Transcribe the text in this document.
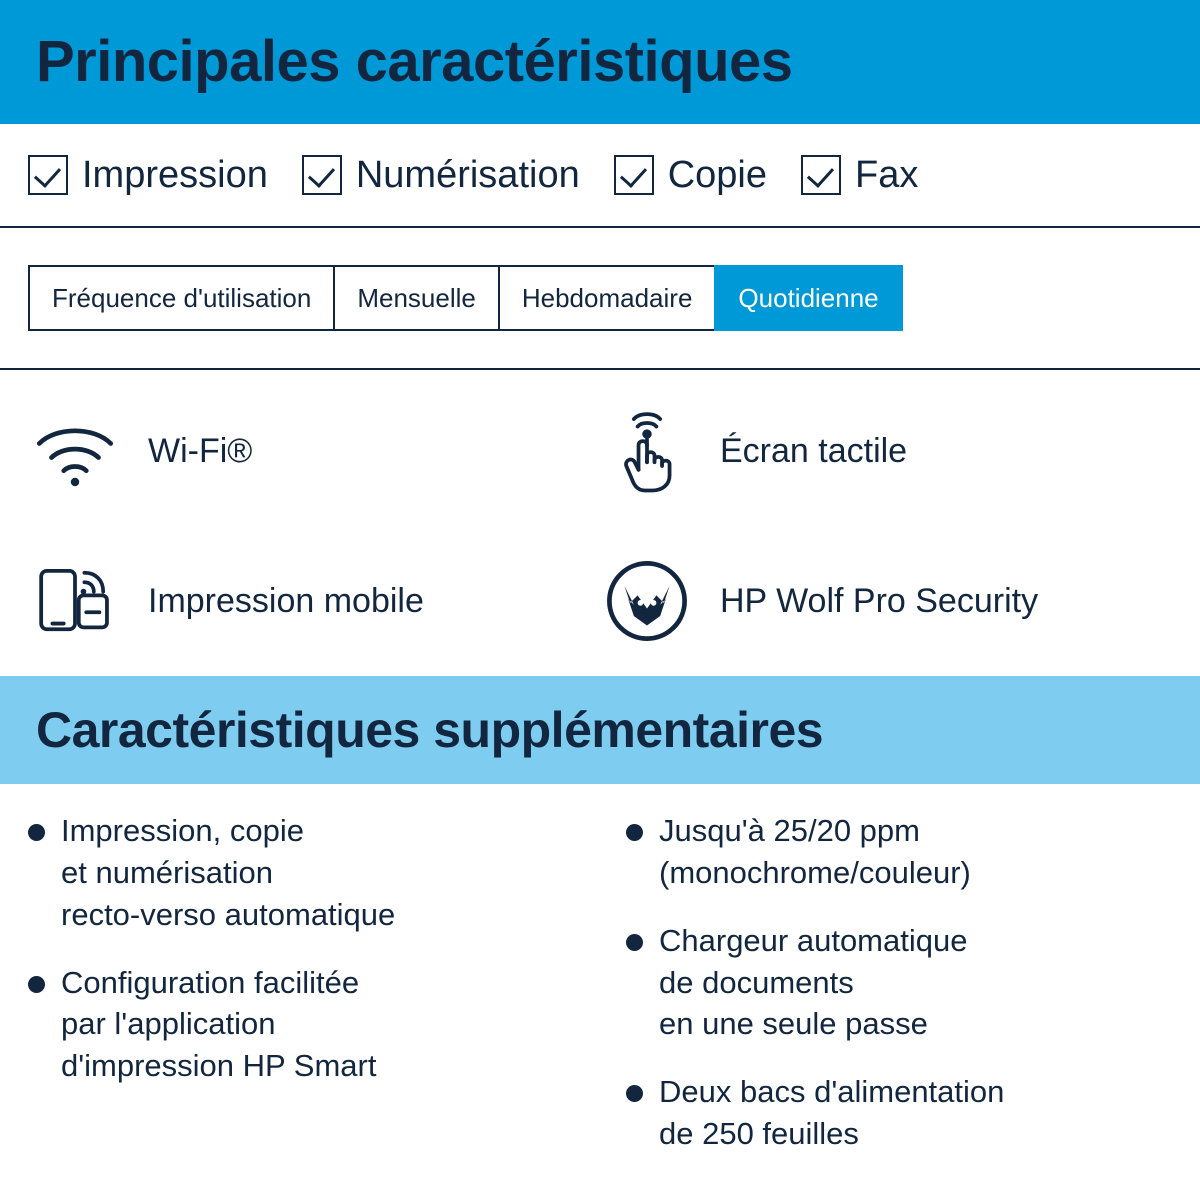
Principales caractéristiques
Impression Numérisation Copie Fax
Fréquence d'utilisation	Mensuelle	Hebdomadaire	Quotidienne
Wi-Fi®	Écran tactile
Impression mobile	HP Wolf Pro Security
Caractéristiques supplémentaires
Impression, copie
et numérisation
recto-verso automatique
Configuration facilitée
par l'application
d'impression HP Smart
Jusqu'à 25/20 ppm
(monochrome/couleur)
Chargeur automatique
de documents
en une seule passe
Deux bacs d'alimentation
de 250 feuilles
